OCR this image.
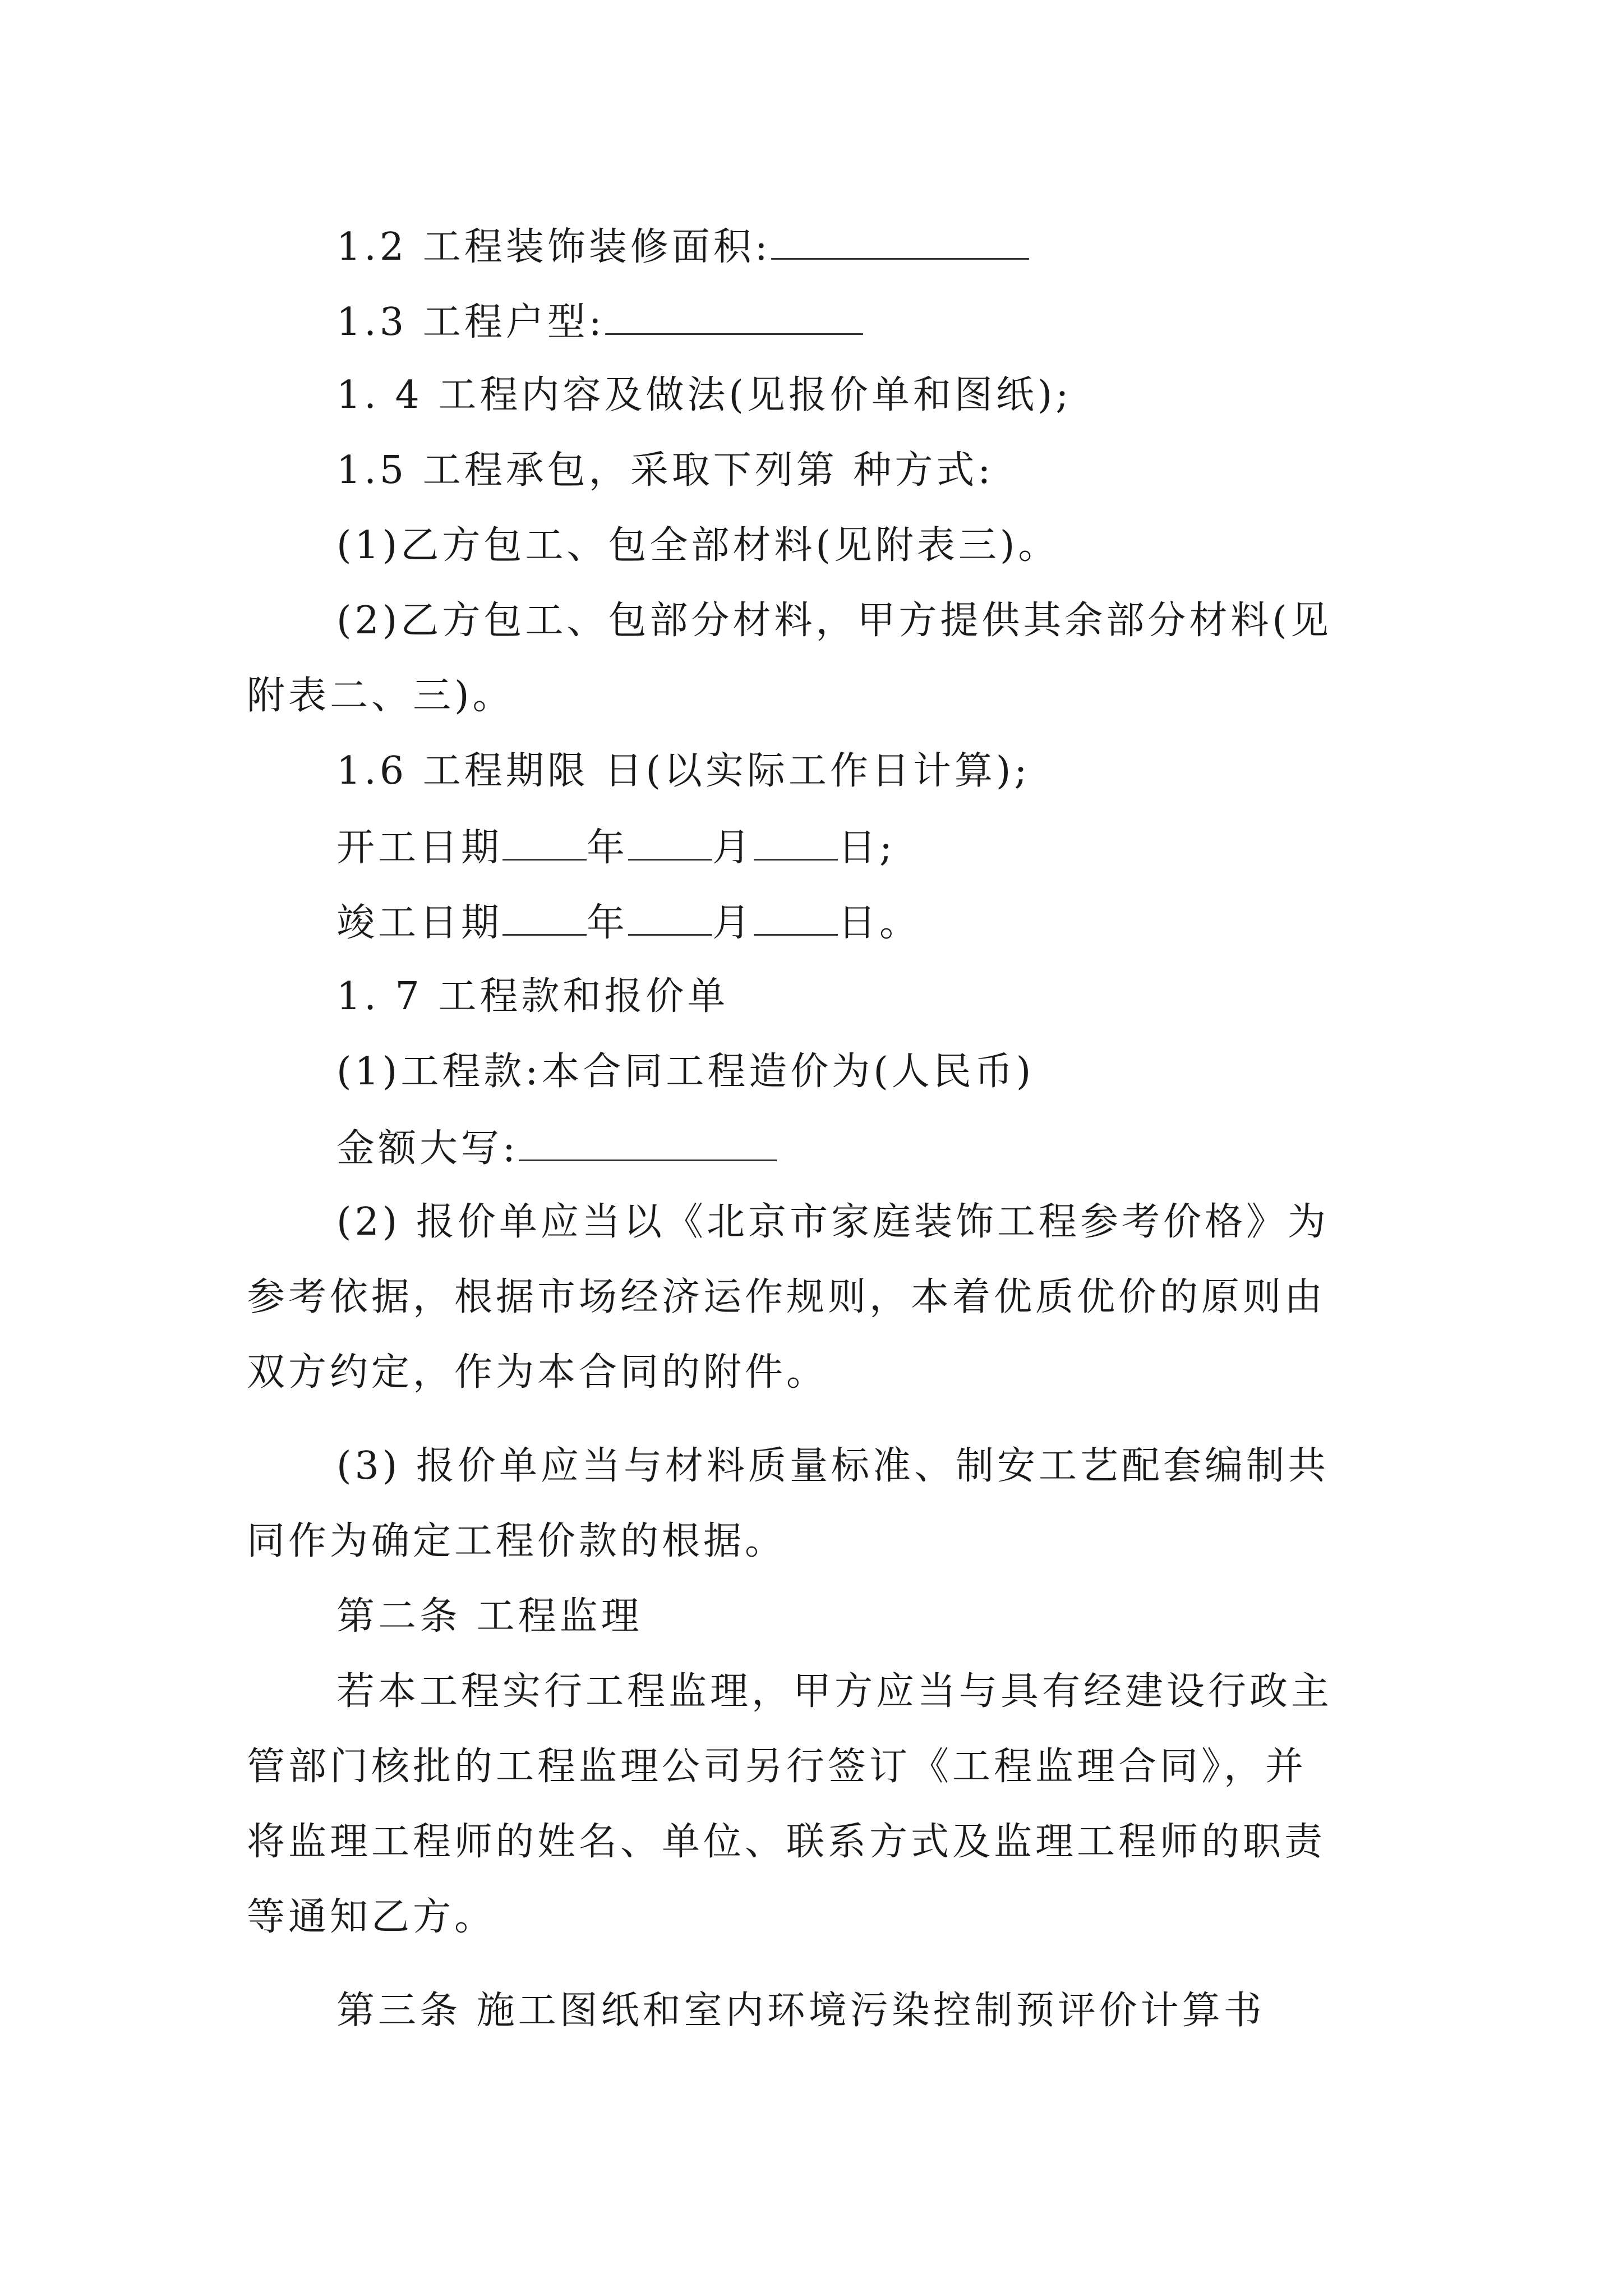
1.2 工程装饰装修面积:
1.3 工程户型:
1. 4 工程内容及做法(见报价单和图纸);
1.5 工程承包，采取下列第 种方式:
(1)乙方包工、包全部材料(见附表三)。
(2)乙方包工、包部分材料，甲方提供其余部分材料(见
附表二、三)。
1.6 工程期限 日(以实际工作日计算);
开工日期 年 月 日;
竣工日期 年 月 日。
1. 7 工程款和报价单
(1)工程款:本合同工程造价为(人民币)
金额大写:
(2) 报价单应当以《北京市家庭装饰工程参考价格》为
参考依据，根据市场经济运作规则，本着优质优价的原则由
双方约定，作为本合同的附件。
(3) 报价单应当与材料质量标准、制安工艺配套编制共
同作为确定工程价款的根据。
第二条 工程监理
若本工程实行工程监理，甲方应当与具有经建设行政主
管部门核批的工程监理公司另行签订《工程监理合同》，并
将监理工程师的姓名、单位、联系方式及监理工程师的职责
等通知乙方。
第三条 施工图纸和室内环境污染控制预评价计算书
